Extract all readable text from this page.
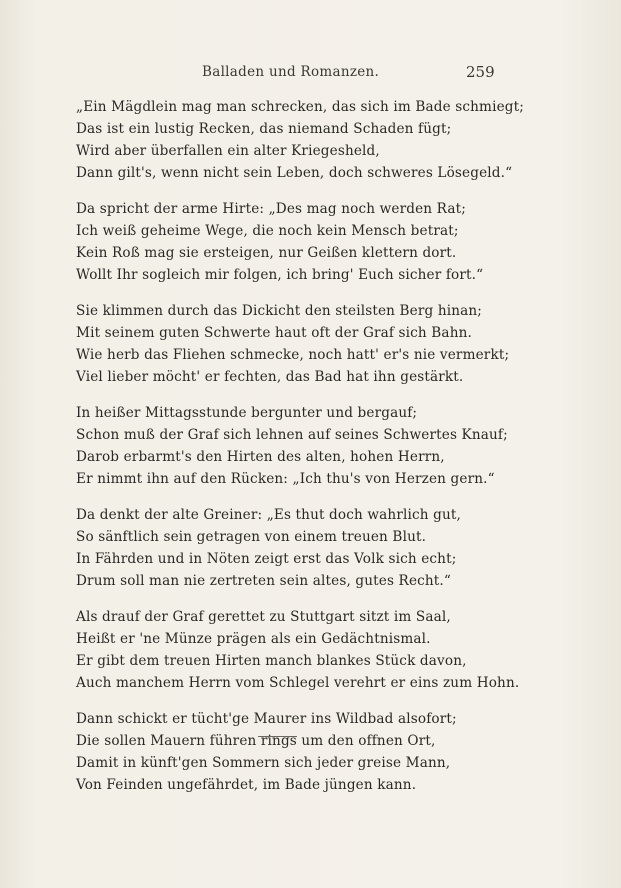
Balladen und Romanzen.	259
„Ein Mägdlein mag man schrecken, das sich im Bade schmiegt;
Das ist ein lustig Recken, das niemand Schaden fügt;
Wird aber überfallen ein alter Kriegesheld,
Dann gilt's, wenn nicht sein Leben, doch schweres Lösegeld.“
Da spricht der arme Hirte: „Des mag noch werden Rat;
Ich weiß geheime Wege, die noch kein Mensch betrat;
Kein Roß mag sie ersteigen, nur Geißen klettern dort.
Wollt Ihr sogleich mir folgen, ich bring' Euch sicher fort.“
Sie klimmen durch das Dickicht den steilsten Berg hinan;
Mit seinem guten Schwerte haut oft der Graf sich Bahn.
Wie herb das Fliehen schmecke, noch hatt' er's nie vermerkt;
Viel lieber möcht' er fechten, das Bad hat ihn gestärkt.
In heißer Mittagsstunde bergunter und bergauf;
Schon muß der Graf sich lehnen auf seines Schwertes Knauf;
Darob erbarmt's den Hirten des alten, hohen Herrn,
Er nimmt ihn auf den Rücken: „Ich thu's von Herzen gern.“
Da denkt der alte Greiner: „Es thut doch wahrlich gut,
So sänftlich sein getragen von einem treuen Blut.
In Fährden und in Nöten zeigt erst das Volk sich echt;
Drum soll man nie zertreten sein altes, gutes Recht.“
Als drauf der Graf gerettet zu Stuttgart sitzt im Saal,
Heißt er 'ne Münze prägen als ein Gedächtnismal.
Er gibt dem treuen Hirten manch blankes Stück davon,
Auch manchem Herrn vom Schlegel verehrt er eins zum Hohn.
Dann schickt er tücht'ge Maurer ins Wildbad alsofort;
Die sollen Mauern führen rings um den offnen Ort,
Damit in künft'gen Sommern sich jeder greise Mann,
Von Feinden ungefährdet, im Bade jüngen kann.
